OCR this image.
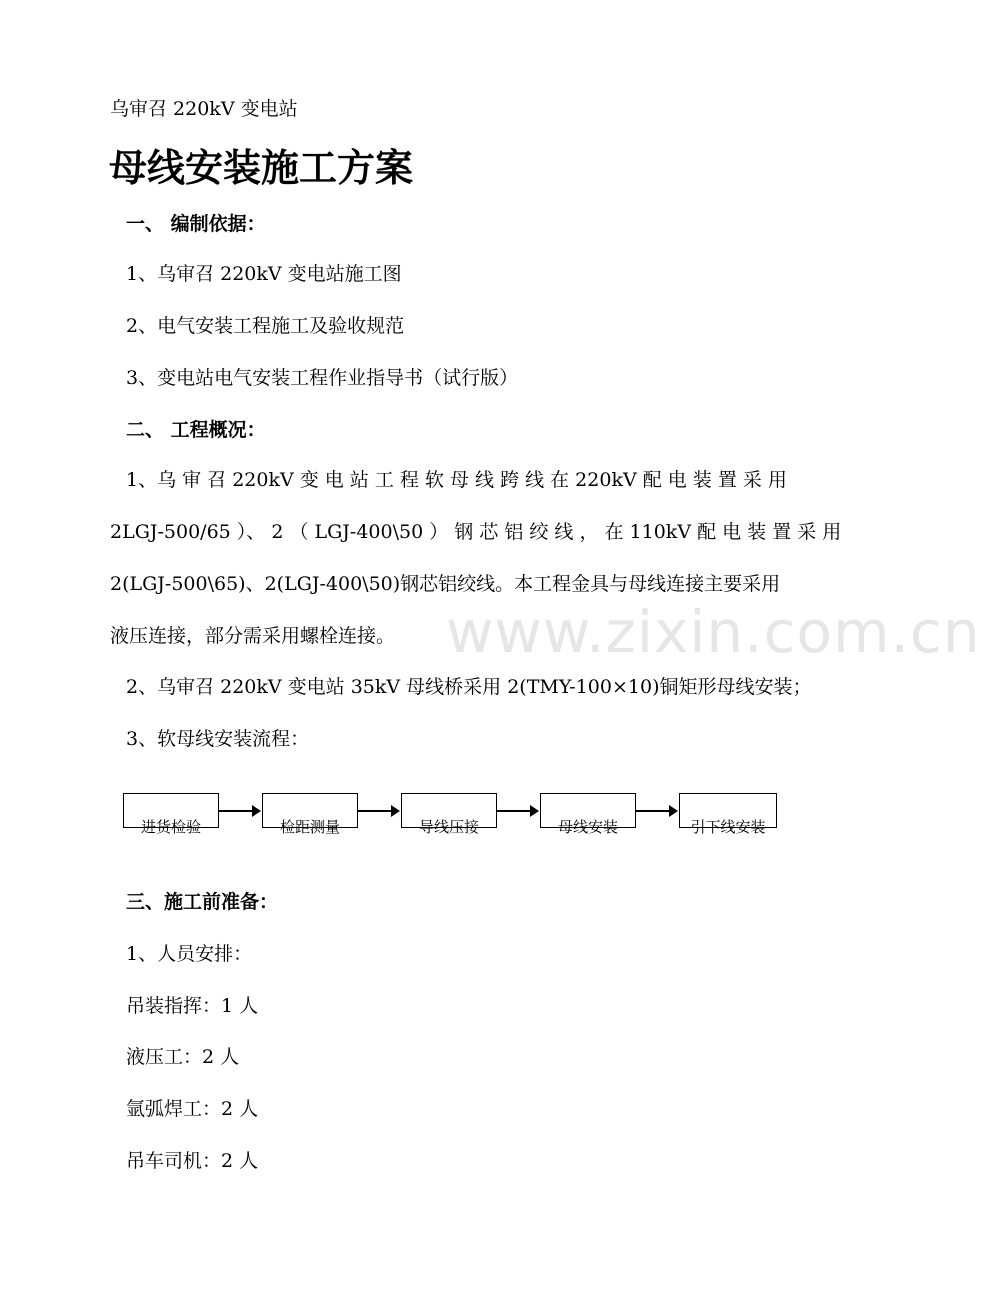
www.zixin.com.cn
乌审召 220kV 变电站
母线安装施工方案
一、 编制依据：
1、乌审召 220kV 变电站施工图
2、电气安装工程施工及验收规范
3、变电站电气安装工程作业指导书（试行版）
二、 工程概况：
1、乌 审 召 220kV 变 电 站 工 程 软 母 线 跨 线 在 220kV 配 电 装 置 采 用
2LGJ-500/65 ）、 2 （ LGJ-400\50 ） 钢 芯 铝 绞 线 ， 在 110kV 配 电 装 置 采 用
2(LGJ-500\65)、2(LGJ-400\50)钢芯铝绞线。本工程金具与母线连接主要采用
液压连接，部分需采用螺栓连接。
2、乌审召 220kV 变电站 35kV 母线桥采用 2(TMY-100×10)铜矩形母线安装；
3、软母线安装流程：
进货检验	检距测量	导线压接	母线安装	引下线安装
三、施工前准备：
1、人员安排：
吊装指挥：1 人
液压工：2 人
氩弧焊工：2 人
吊车司机：2 人
